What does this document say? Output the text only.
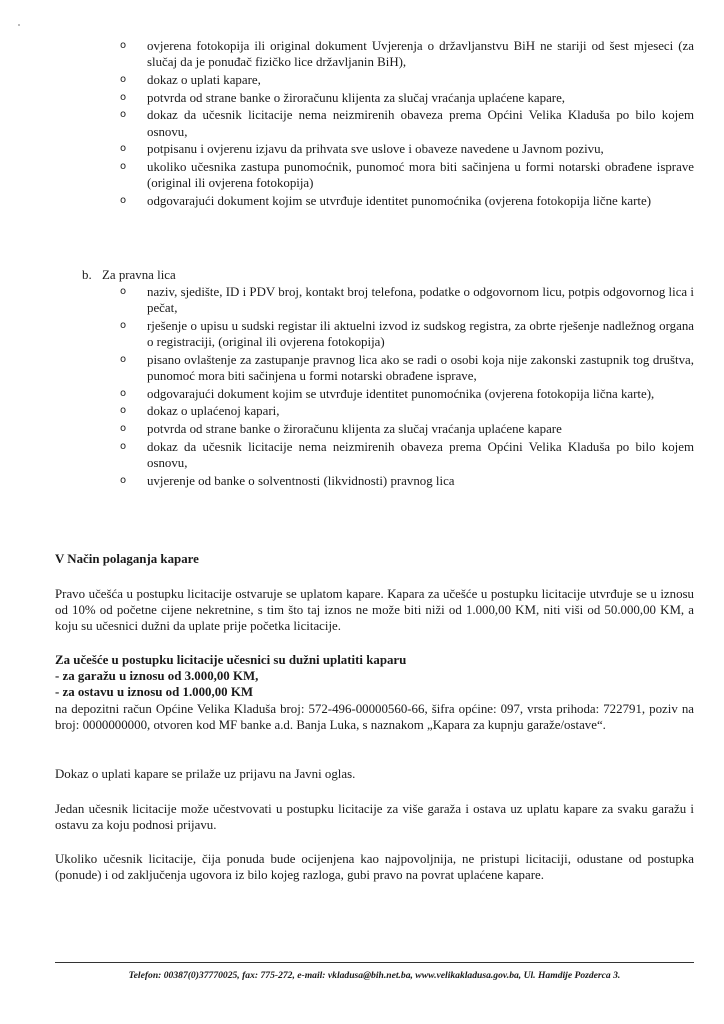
o ovjerena fotokopija ili original dokument Uvjerenja o državljanstvu BiH ne stariji od šest mjeseci (za slučaj da je ponuđač fizičko lice državljanin BiH),
o dokaz o uplati kapare,
o potvrda od strane banke o žiroračunu klijenta za slučaj vraćanja uplaćene kapare,
o dokaz da učesnik licitacije nema neizmirenih obaveza prema Općini Velika Kladuša po bilo kojem osnovu,
o potpisanu i ovjerenu izjavu da prihvata sve uslove i obaveze navedene u Javnom pozivu,
o ukoliko učesnika zastupa punomoćnik, punomoć mora biti sačinjena u formi notarski obrađene isprave (original ili ovjerena fotokopija)
o odgovarajući dokument kojim se utvrđuje identitet punomoćnika (ovjerena fotokopija lične karte)
b. Za pravna lica
o naziv, sjedište, ID i PDV broj, kontakt broj telefona, podatke o odgovornom licu, potpis odgovornog lica i pečat,
o rješenje o upisu u sudski registar ili aktuelni izvod iz sudskog registra, za obrte rješenje nadležnog organa o registraciji, (original ili ovjerena fotokopija)
o pisano ovlaštenje za zastupanje pravnog lica ako se radi o osobi koja nije zakonski zastupnik tog društva, punomoć mora biti sačinjena u formi notarski obrađene isprave,
o odgovarajući dokument kojim se utvrđuje identitet punomoćnika (ovjerena fotokopija lična karte),
o dokaz o uplaćenoj kapari,
o potvrda od strane banke o žiroračunu klijenta za slučaj vraćanja uplaćene kapare
o dokaz da učesnik licitacije nema neizmirenih obaveza prema Općini Velika Kladuša po bilo kojem osnovu,
o uvjerenje od banke o solventnosti (likvidnosti) pravnog lica
V Način polaganja kapare

Pravo učešća u postupku licitacije ostvaruje se uplatom kapare. Kapara za učešće u postupku licitacije utvrđuje se u iznosu od 10% od početne cijene nekretnine, s tim što taj iznos ne može biti niži od 1.000,00 KM, niti viši od 50.000,00 KM, a koju su učesnici dužni da uplate prije početka licitacije.

Za učešće u postupku licitacije učesnici su dužni uplatiti kaparu
- za garažu u iznosu od 3.000,00 KM,
- za ostavu u iznosu od 1.000,00 KM
na depozitni račun Općine Velika Kladuša broj: 572-496-00000560-66, šifra općine: 097, vrsta prihoda: 722791, poziv na broj: 0000000000, otvoren kod MF banke a.d. Banja Luka, s naznakom „Kapara za kupnju garaže/ostave“.

Dokaz o uplati kapare se prilaže uz prijavu na Javni oglas.

Jedan učesnik licitacije može učestvovati u postupku licitacije za više garaža i ostava uz uplatu kapare za svaku garažu i ostavu za koju podnosi prijavu.

Ukoliko učesnik licitacije, čija ponuda bude ocijenjena kao najpovoljnija, ne pristupi licitaciji, odustane od postupka (ponude) i od zaključenja ugovora iz bilo kojeg razloga, gubi pravo na povrat uplaćene kapare.

Telefon: 00387(0)37770025, fax: 775-272, e-mail: vkladusa@bih.net.ba, www.velikakladusa.gov.ba, Ul. Hamdije Pozderca 3.
